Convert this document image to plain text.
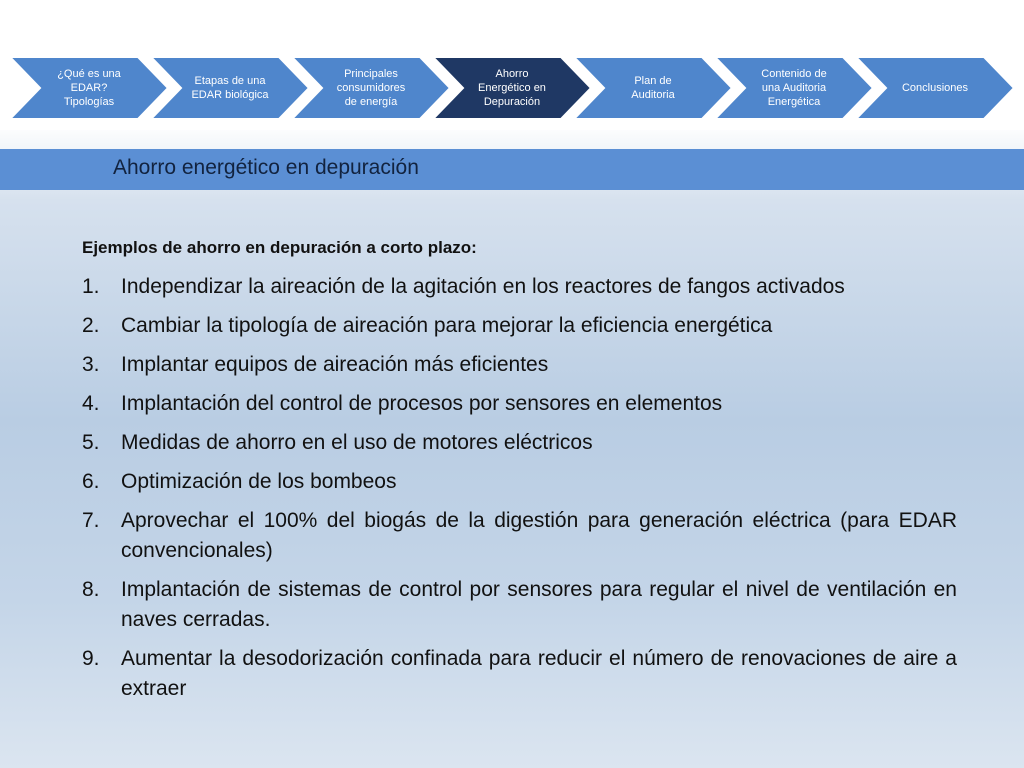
¿Qué es una EDAR? Tipologías
Etapas de una EDAR biológica
Principales consumidores de energía
Ahorro Energético en Depuración
Plan de Auditoria
Contenido de una Auditoria Energética
Conclusiones
Ahorro energético en depuración
Ejemplos de ahorro en depuración a corto plazo:
1. Independizar la aireación de la agitación en los reactores de fangos activados
2. Cambiar la tipología de aireación para mejorar la eficiencia energética
3. Implantar equipos de aireación más eficientes
4. Implantación del control de procesos por sensores en elementos
5. Medidas de ahorro en el uso de motores eléctricos
6. Optimización de los bombeos
7. Aprovechar el 100% del biogás de la digestión para generación eléctrica (para EDAR convencionales)
8. Implantación de sistemas de control por sensores para regular el nivel de ventilación en naves cerradas.
9. Aumentar la desodorización confinada para reducir el número de renovaciones de aire a extraer
